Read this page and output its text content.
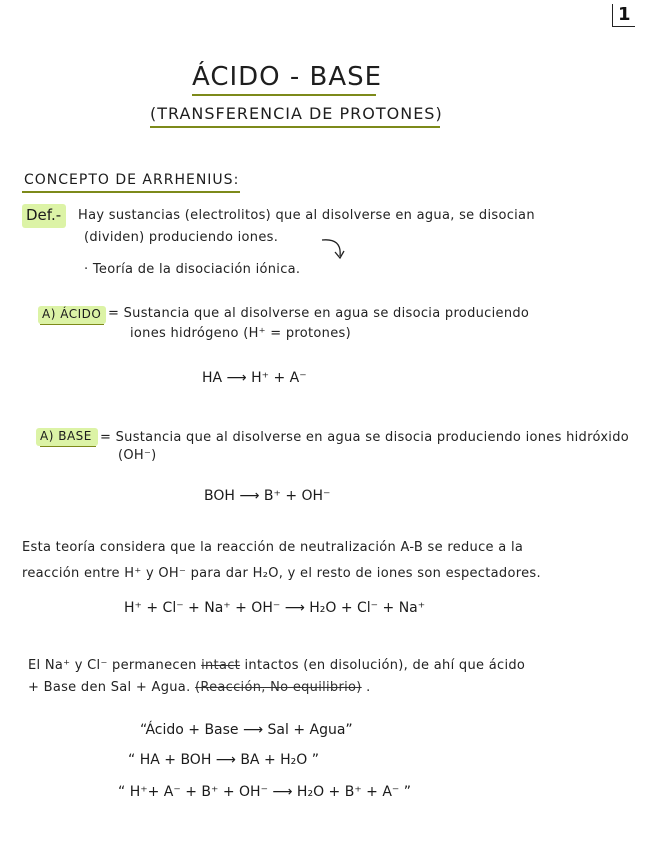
1
ÁCIDO - BASE
(TRANSFERENCIA DE PROTONES)
CONCEPTO DE ARRHENIUS:
Def.- Hay sustancias (electrolitos) que al disolverse en agua, se disocian
(dividen) produciendo iones.
· Teoría de la disociación iónica.
A) ÁCIDO = Sustancia que al disolverse en agua se disocia produciendo
iones hidrógeno (H⁺ = protones)
HA ⟶ H⁺ + A⁻
A) BASE = Sustancia que al disolverse en agua se disocia produciendo iones hidróxido
(OH⁻)
BOH ⟶ B⁺ + OH⁻
Esta teoría considera que la reacción de neutralización A-B se reduce a la
reacción entre H⁺ y OH⁻ para dar H₂O, y el resto de iones son espectadores.
H⁺ + Cl⁻ + Na⁺ + OH⁻ ⟶ H₂O + Cl⁻ + Na⁺
El Na⁺ y Cl⁻ permanecen intact intactos (en disolución), de ahí que ácido
+ Base den Sal + Agua. (Reacción, No equilibrio) .
“Ácido + Base ⟶ Sal + Agua”
“ HA + BOH ⟶ BA + H₂O ”
“ H⁺+ A⁻ + B⁺ + OH⁻ ⟶ H₂O + B⁺ + A⁻ ”
